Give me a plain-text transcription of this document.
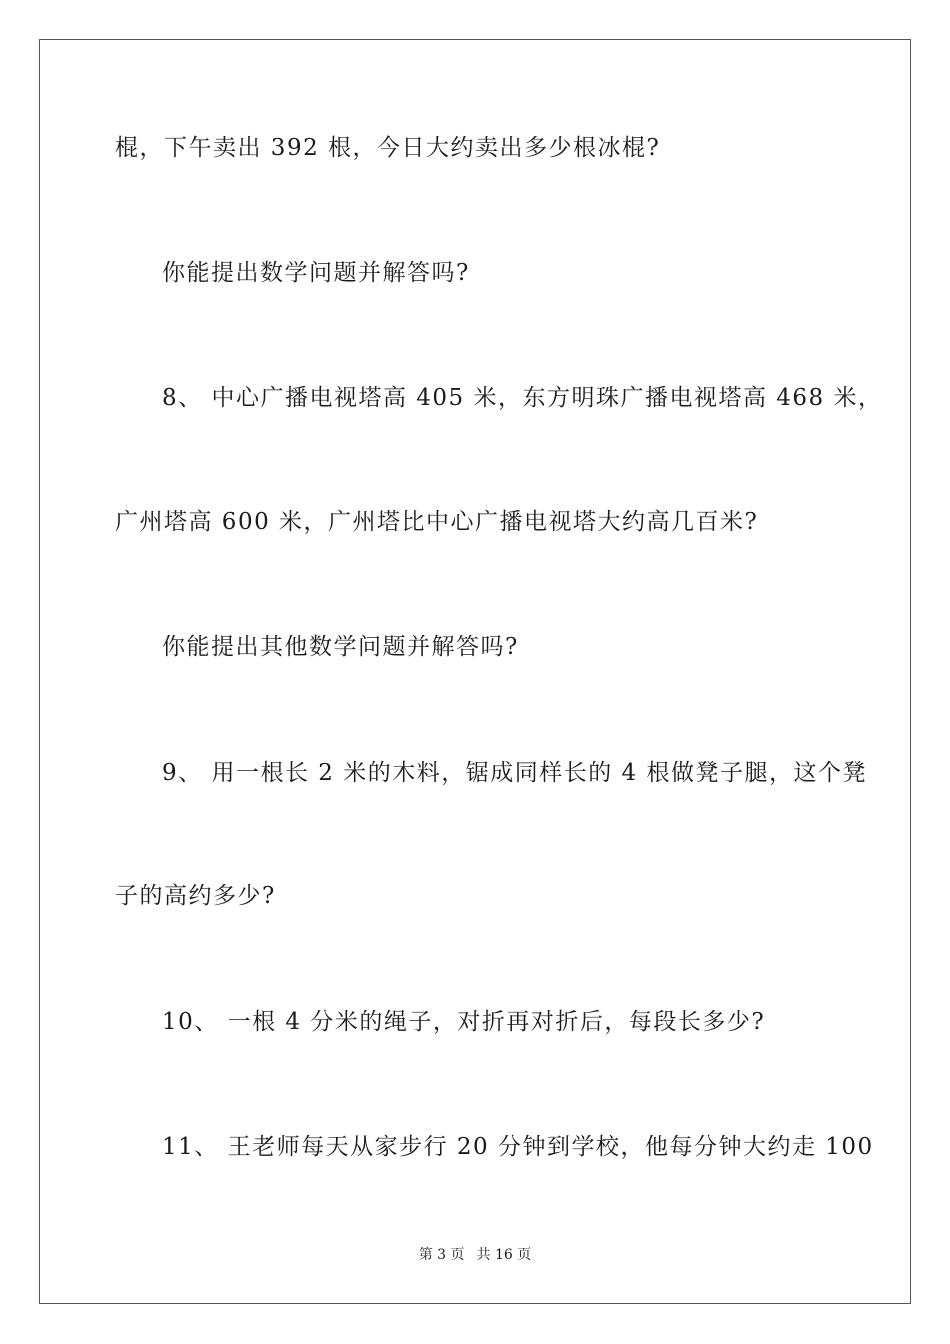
棍，下午卖出 392 根，今日大约卖出多少根冰棍?
你能提出数学问题并解答吗?
8、 中心广播电视塔高 405 米，东方明珠广播电视塔高 468 米，
广州塔高 600 米，广州塔比中心广播电视塔大约高几百米?
你能提出其他数学问题并解答吗?
9、 用一根长 2 米的木料，锯成同样长的 4 根做凳子腿，这个凳
子的高约多少?
10、 一根 4 分米的绳子，对折再对折后，每段长多少?
11、 王老师每天从家步行 20 分钟到学校，他每分钟大约走 100
第 3 页 共 16 页
